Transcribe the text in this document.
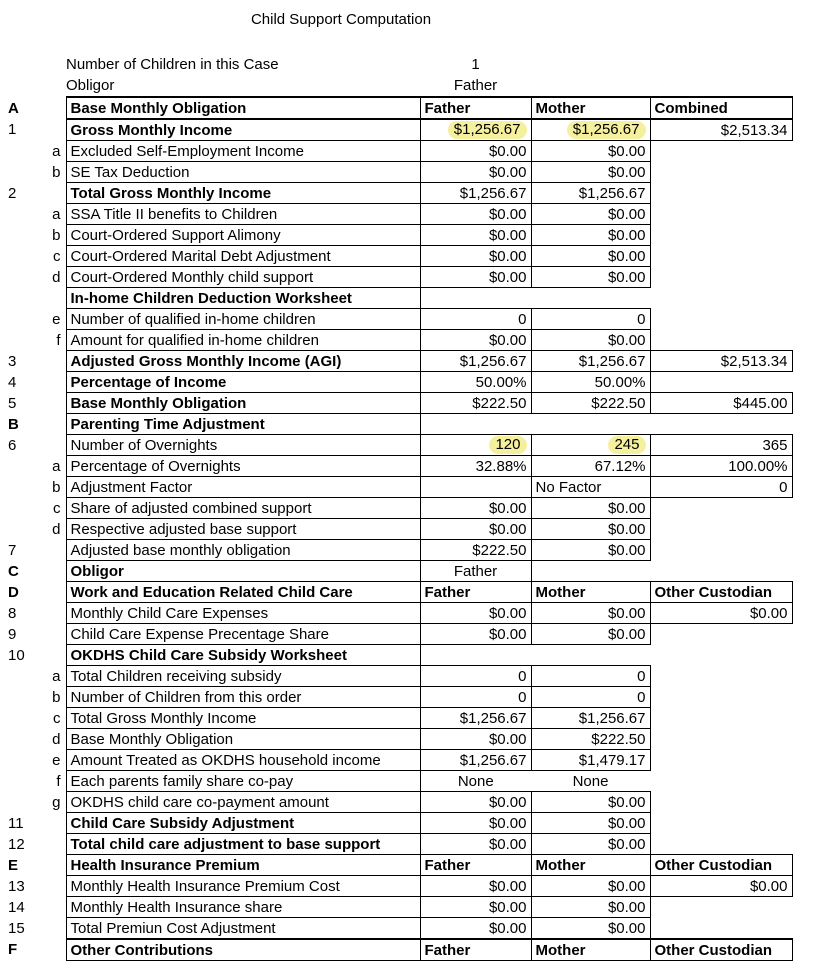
Child Support Computation
Number of Children in this Case	1
Obligor	Father
A	Base Monthly Obligation	Father	Mother	Combined
1	Gross Monthly Income	$1,256.67	$1,256.67	$2,513.34
a	Excluded Self-Employment Income	$0.00	$0.00	
b	SE Tax Deduction	$0.00	$0.00	
2	Total Gross Monthly Income	$1,256.67	$1,256.67	
a	SSA Title II benefits to Children	$0.00	$0.00	
b	Court-Ordered Support Alimony	$0.00	$0.00	
c	Court-Ordered Marital Debt Adjustment	$0.00	$0.00	
d	Court-Ordered Monthly child support	$0.00	$0.00	
	In-home Children Deduction Worksheet			
e	Number of qualified in-home children	0	0	
f	Amount for qualified in-home children	$0.00	$0.00	
3	Adjusted Gross Monthly Income (AGI)	$1,256.67	$1,256.67	$2,513.34
4	Percentage of Income	50.00%	50.00%	
5	Base Monthly Obligation	$222.50	$222.50	$445.00
B	Parenting Time Adjustment			
6	Number of Overnights	120	245	365
a	Percentage of Overnights	32.88%	67.12%	100.00%
b	Adjustment Factor		No Factor	0
c	Share of adjusted combined support	$0.00	$0.00	
d	Respective adjusted base support	$0.00	$0.00	
7	Adjusted base monthly obligation	$222.50	$0.00	
C	Obligor	Father		
D	Work and Education Related Child Care	Father	Mother	Other Custodian
8	Monthly Child Care Expenses	$0.00	$0.00	$0.00
9	Child Care Expense Precentage Share	$0.00	$0.00	
10	OKDHS Child Care Subsidy Worksheet			
a	Total Children receiving subsidy	0	0	
b	Number of Children from this order	0	0	
c	Total Gross Monthly Income	$1,256.67	$1,256.67	
d	Base Monthly Obligation	$0.00	$222.50	
e	Amount Treated as OKDHS household income	$1,256.67	$1,479.17	
f	Each parents family share co-pay	None	None	
g	OKDHS child care co-payment amount	$0.00	$0.00	
11	Child Care Subsidy Adjustment	$0.00	$0.00	
12	Total child care adjustment to base support	$0.00	$0.00	
E	Health Insurance Premium	Father	Mother	Other Custodian
13	Monthly Health Insurance Premium Cost	$0.00	$0.00	$0.00
14	Monthly Health Insurance share	$0.00	$0.00	
15	Total Premiun Cost Adjustment	$0.00	$0.00	
F	Other Contributions	Father	Mother	Other Custodian
